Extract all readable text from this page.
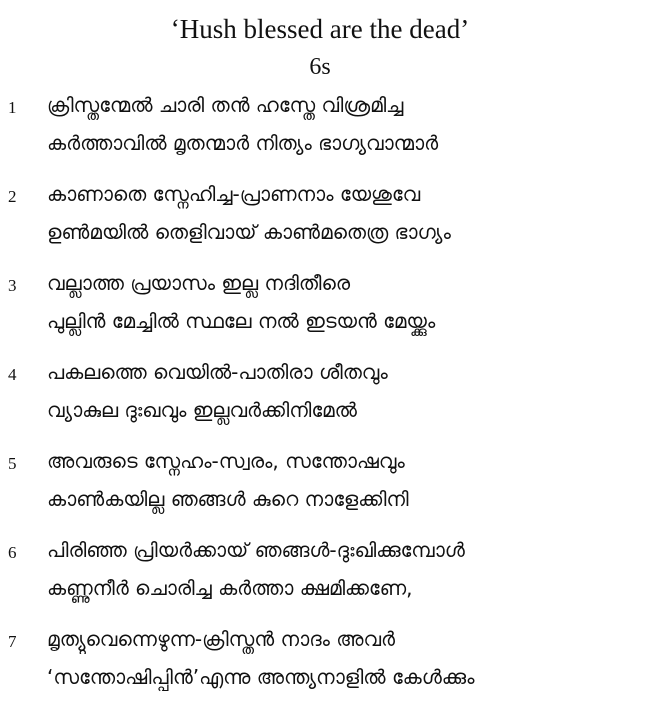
‘Hush blessed are the dead’
6s
1	ക്രിസ്തന്മേൽ ചാരി തൻ ഹസ്തേ വിശ്രമിച്ച
കർത്താവിൽ മൃതന്മാർ നിത്യം ഭാഗ്യവാന്മാർ
2	കാണാതെ സ്നേഹിച്ച-പ്രാണനാം യേശുവേ
ഉൺമയിൽ തെളിവായ് കാൺമതെത്ര ഭാഗ്യം
3	വല്ലാത്ത പ്രയാസം ഇല്ല നദിതീരെ
പുല്ലിൻ മേച്ചിൽ സ്ഥലേ നൽ ഇടയൻ മേയ്ക്കും
4	പകലത്തെ വെയിൽ-പാതിരാ ശീതവും
വ്യാകുല ദുഃഖവും ഇല്ലവർക്കിനിമേൽ
5	അവരുടെ സ്നേഹം-സ്വരം, സന്തോഷവും
കാൺകയില്ല ഞങ്ങൾ കുറെ നാളേക്കിനി
6	പിരിഞ്ഞ പ്രിയർക്കായ് ഞങ്ങൾ-ദുഃഖിക്കുമ്പോൾ
കണ്ണുനീർ ചൊരിച്ച കർത്താ ക്ഷമിക്കണേ,
7	മൃത്യുവെന്നെഴുന്ന-ക്രിസ്തൻ നാദം അവർ
‘സന്തോഷിപ്പിൻ’എന്നു അന്ത്യനാളിൽ കേൾക്കും
